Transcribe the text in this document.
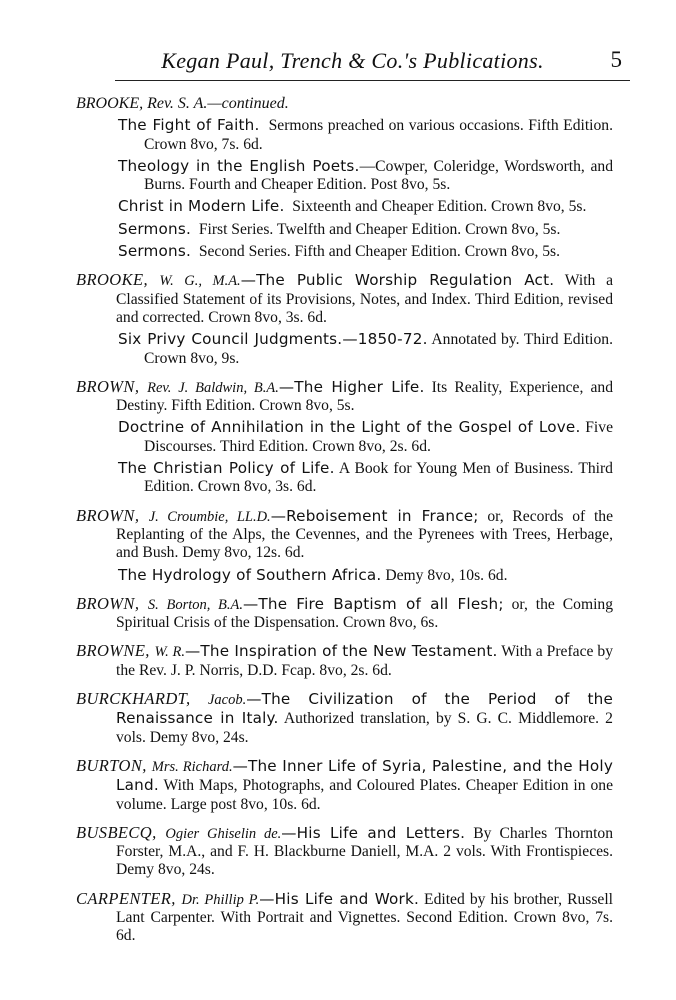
Kegan Paul, Trench & Co.'s Publications.	5
BROOKE, Rev. S. A.—continued.
The Fight of Faith. Sermons preached on various occasions. Fifth Edition. Crown 8vo, 7s. 6d.
Theology in the English Poets.—Cowper, Coleridge, Wordsworth, and Burns. Fourth and Cheaper Edition. Post 8vo, 5s.
Christ in Modern Life. Sixteenth and Cheaper Edition. Crown 8vo, 5s.
Sermons. First Series. Twelfth and Cheaper Edition. Crown 8vo, 5s.
Sermons. Second Series. Fifth and Cheaper Edition. Crown 8vo, 5s.
BROOKE, W. G., M.A.—The Public Worship Regulation Act. With a Classified Statement of its Provisions, Notes, and Index. Third Edition, revised and corrected. Crown 8vo, 3s. 6d.
Six Privy Council Judgments.—1850-72. Annotated by. Third Edition. Crown 8vo, 9s.
BROWN, Rev. J. Baldwin, B.A.—The Higher Life. Its Reality, Experience, and Destiny. Fifth Edition. Crown 8vo, 5s.
Doctrine of Annihilation in the Light of the Gospel of Love. Five Discourses. Third Edition. Crown 8vo, 2s. 6d.
The Christian Policy of Life. A Book for Young Men of Business. Third Edition. Crown 8vo, 3s. 6d.
BROWN, J. Croumbie, LL.D.—Reboisement in France; or, Records of the Replanting of the Alps, the Cevennes, and the Pyrenees with Trees, Herbage, and Bush. Demy 8vo, 12s. 6d.
The Hydrology of Southern Africa. Demy 8vo, 10s. 6d.
BROWN, S. Borton, B.A.—The Fire Baptism of all Flesh; or, the Coming Spiritual Crisis of the Dispensation. Crown 8vo, 6s.
BROWNE, W. R.—The Inspiration of the New Testament. With a Preface by the Rev. J. P. Norris, D.D. Fcap. 8vo, 2s. 6d.
BURCKHARDT, Jacob.—The Civilization of the Period of the Renaissance in Italy. Authorized translation, by S. G. C. Middlemore. 2 vols. Demy 8vo, 24s.
BURTON, Mrs. Richard.—The Inner Life of Syria, Palestine, and the Holy Land. With Maps, Photographs, and Coloured Plates. Cheaper Edition in one volume. Large post 8vo, 10s. 6d.
BUSBECQ, Ogier Ghiselin de.—His Life and Letters. By Charles Thornton Forster, M.A., and F. H. Blackburne Daniell, M.A. 2 vols. With Frontispieces. Demy 8vo, 24s.
CARPENTER, Dr. Phillip P.—His Life and Work. Edited by his brother, Russell Lant Carpenter. With Portrait and Vignettes. Second Edition. Crown 8vo, 7s. 6d.
